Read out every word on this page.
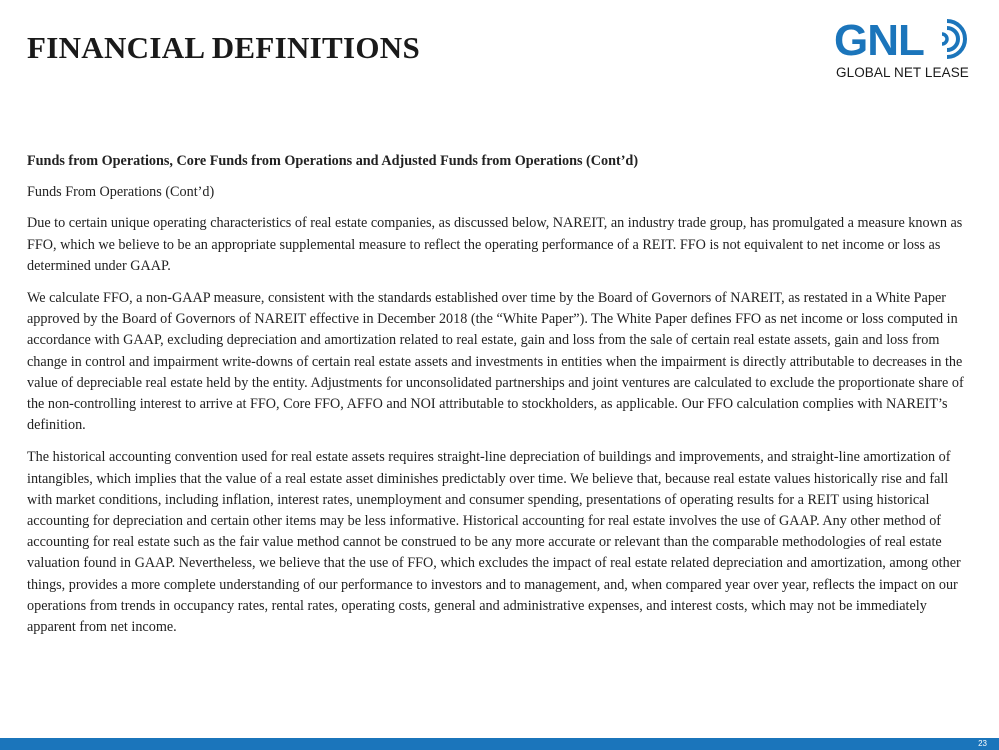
FINANCIAL DEFINITIONS	GNL
GLOBAL NET LEASE

Funds from Operations, Core Funds from Operations and Adjusted Funds from Operations (Cont’d)

Funds From Operations (Cont’d)

Due to certain unique operating characteristics of real estate companies, as discussed below, NAREIT, an industry trade group, has promulgated a measure known as FFO, which we believe to be an appropriate supplemental measure to reflect the operating performance of a REIT. FFO is not equivalent to net income or loss as determined under GAAP.

We calculate FFO, a non-GAAP measure, consistent with the standards established over time by the Board of Governors of NAREIT, as restated in a White Paper approved by the Board of Governors of NAREIT effective in December 2018 (the “White Paper”). The White Paper defines FFO as net income or loss computed in accordance with GAAP, excluding depreciation and amortization related to real estate, gain and loss from the sale of certain real estate assets, gain and loss from change in control and impairment write-downs of certain real estate assets and investments in entities when the impairment is directly attributable to decreases in the value of depreciable real estate held by the entity. Adjustments for unconsolidated partnerships and joint ventures are calculated to exclude the proportionate share of the non-controlling interest to arrive at FFO, Core FFO, AFFO and NOI attributable to stockholders, as applicable. Our FFO calculation complies with NAREIT’s definition.

The historical accounting convention used for real estate assets requires straight-line depreciation of buildings and improvements, and straight-line amortization of intangibles, which implies that the value of a real estate asset diminishes predictably over time. We believe that, because real estate values historically rise and fall with market conditions, including inflation, interest rates, unemployment and consumer spending, presentations of operating results for a REIT using historical accounting for depreciation and certain other items may be less informative. Historical accounting for real estate involves the use of GAAP. Any other method of accounting for real estate such as the fair value method cannot be construed to be any more accurate or relevant than the comparable methodologies of real estate valuation found in GAAP. Nevertheless, we believe that the use of FFO, which excludes the impact of real estate related depreciation and amortization, among other things, provides a more complete understanding of our performance to investors and to management, and, when compared year over year, reflects the impact on our operations from trends in occupancy rates, rental rates, operating costs, general and administrative expenses, and interest costs, which may not be immediately apparent from net income.

23
